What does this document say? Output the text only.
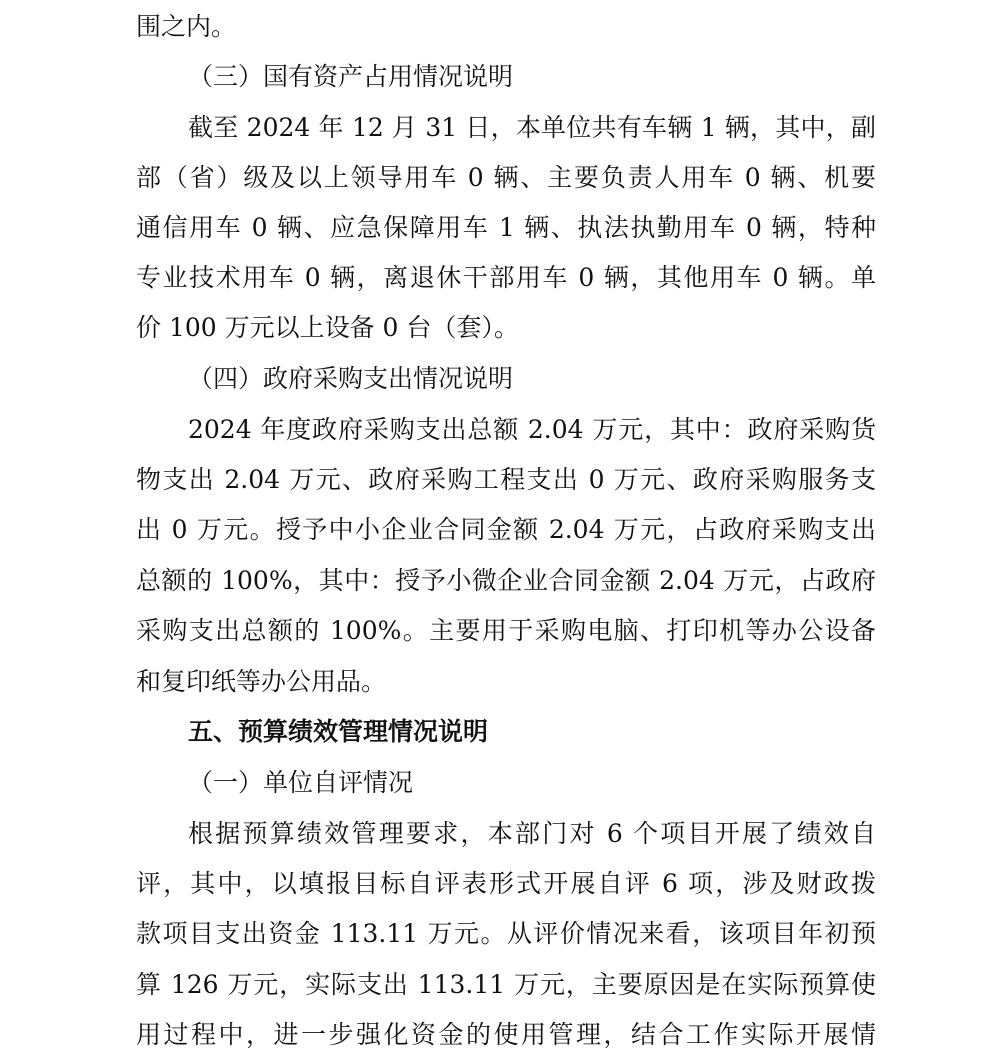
围之内。
（三）国有资产占用情况说明
截至 2024 年 12 月 31 日，本单位共有车辆 1 辆，其中，副
部（省）级及以上领导用车 0 辆、主要负责人用车 0 辆、机要
通信用车 0 辆、应急保障用车 1 辆、执法执勤用车 0 辆，特种
专业技术用车 0 辆，离退休干部用车 0 辆，其他用车 0 辆。单
价 100 万元以上设备 0 台（套）。
（四）政府采购支出情况说明
2024 年度政府采购支出总额 2.04 万元，其中：政府采购货
物支出 2.04 万元、政府采购工程支出 0 万元、政府采购服务支
出 0 万元。授予中小企业合同金额 2.04 万元，占政府采购支出
总额的 100%，其中：授予小微企业合同金额 2.04 万元，占政府
采购支出总额的 100%。主要用于采购电脑、打印机等办公设备
和复印纸等办公用品。
五、预算绩效管理情况说明
（一）单位自评情况
根据预算绩效管理要求，本部门对 6 个项目开展了绩效自
评，其中，以填报目标自评表形式开展自评 6 项，涉及财政拨
款项目支出资金 113.11 万元。从评价情况来看，该项目年初预
算 126 万元，实际支出 113.11 万元，主要原因是在实际预算使
用过程中，进一步强化资金的使用管理，结合工作实际开展情
